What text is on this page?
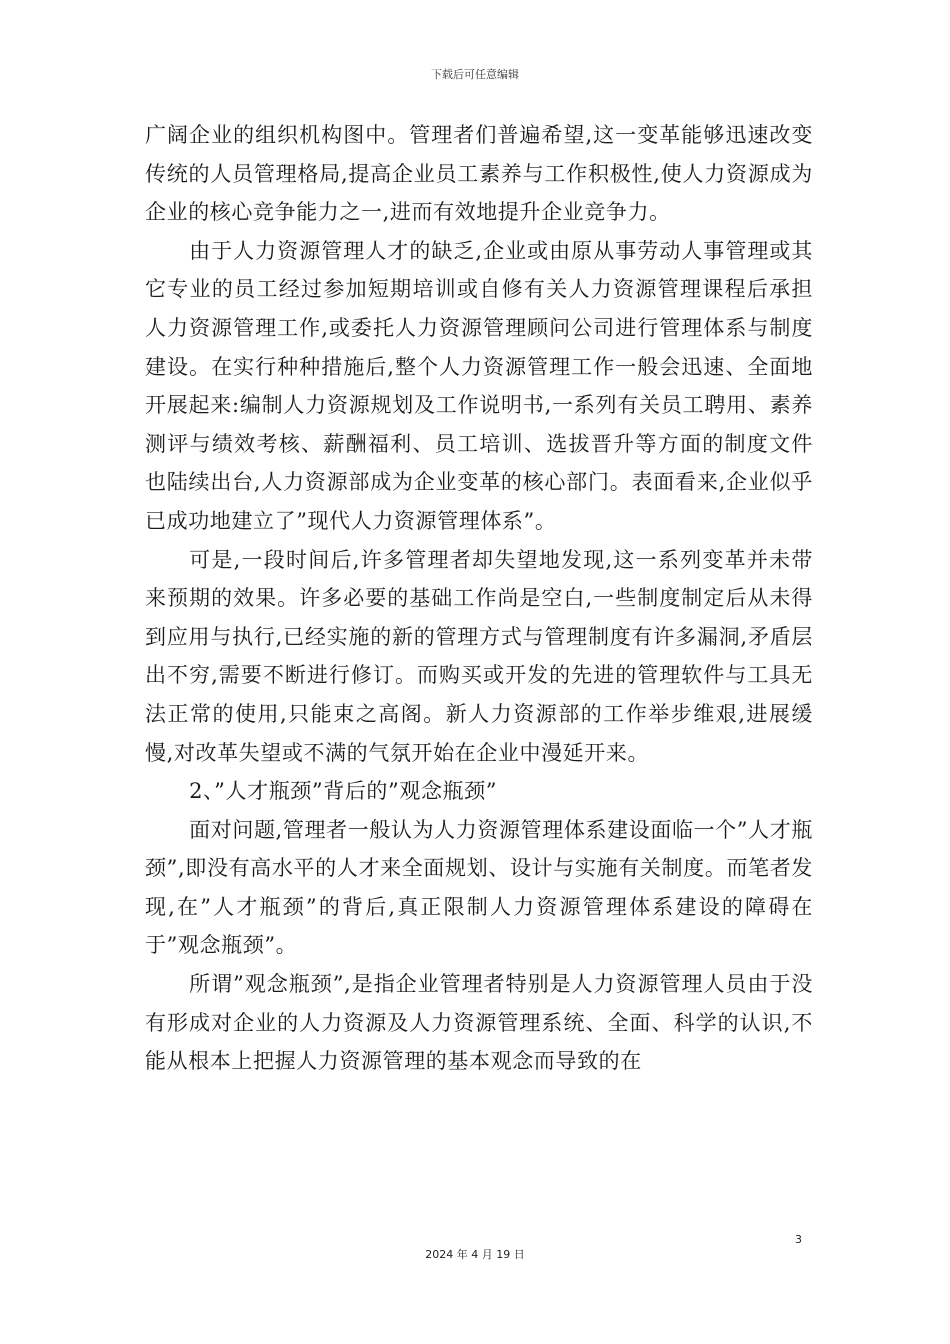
下载后可任意编辑

广阔企业的组织机构图中。管理者们普遍希望,这一变革能够迅速改变传统的人员管理格局,提高企业员工素养与工作积极性,使人力资源成为企业的核心竞争能力之一,进而有效地提升企业竞争力。

由于人力资源管理人才的缺乏,企业或由原从事劳动人事管理或其它专业的员工经过参加短期培训或自修有关人力资源管理课程后承担人力资源管理工作,或委托人力资源管理顾问公司进行管理体系与制度建设。在实行种种措施后,整个人力资源管理工作一般会迅速、全面地开展起来:编制人力资源规划及工作说明书,一系列有关员工聘用、素养测评与绩效考核、薪酬福利、员工培训、选拔晋升等方面的制度文件也陆续出台,人力资源部成为企业变革的核心部门。表面看来,企业似乎已成功地建立了”现代人力资源管理体系”。

可是,一段时间后,许多管理者却失望地发现,这一系列变革并未带来预期的效果。许多必要的基础工作尚是空白,一些制度制定后从未得到应用与执行,已经实施的新的管理方式与管理制度有许多漏洞,矛盾层出不穷,需要不断进行修订。而购买或开发的先进的管理软件与工具无法正常的使用,只能束之高阁。新人力资源部的工作举步维艰,进展缓慢,对改革失望或不满的气氛开始在企业中漫延开来。

2、”人才瓶颈”背后的”观念瓶颈”

面对问题,管理者一般认为人力资源管理体系建设面临一个”人才瓶颈”,即没有高水平的人才来全面规划、设计与实施有关制度。而笔者发现,在”人才瓶颈”的背后,真正限制人力资源管理体系建设的障碍在于”观念瓶颈”。

所谓”观念瓶颈”,是指企业管理者特别是人力资源管理人员由于没有形成对企业的人力资源及人力资源管理系统、全面、科学的认识,不能从根本上把握人力资源管理的基本观念而导致的在

3
2024 年 4 月 19 日
